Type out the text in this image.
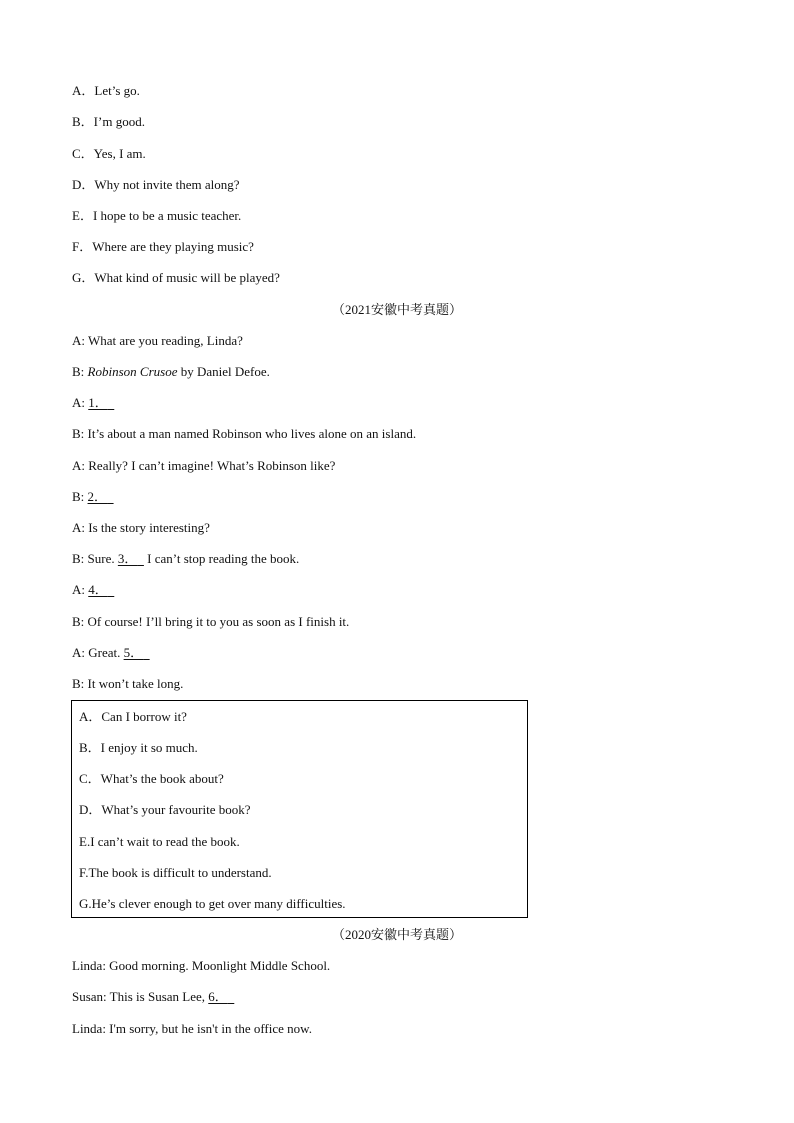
A．Let’s go.
B．I’m good.
C．Yes, I am.
D．Why not invite them along?
E．I hope to be a music teacher.
F．Where are they playing music?
G．What kind of music will be played?
（2021安徽中考真题）
A: What are you reading, Linda?
B: Robinson Crusoe by Daniel Defoe.
A: 1．
B: It’s about a man named Robinson who lives alone on an island.
A: Really? I can’t imagine! What’s Robinson like?
B: 2．
A: Is the story interesting?
B: Sure. 3．   I can’t stop reading the book.
A: 4．
B: Of course! I’ll bring it to you as soon as I finish it.
A: Great. 5．
B: It won’t take long.
A．Can I borrow it?
B．I enjoy it so much.
C．What’s the book about?
D．What’s your favourite book?
E.I can’t wait to read the book.
F.The book is difficult to understand.
G.He’s clever enough to get over many difficulties.
（2020安徽中考真题）
Linda: Good morning. Moonlight Middle School.
Susan: This is Susan Lee, 6．
Linda: I'm sorry, but he isn't in the office now.
